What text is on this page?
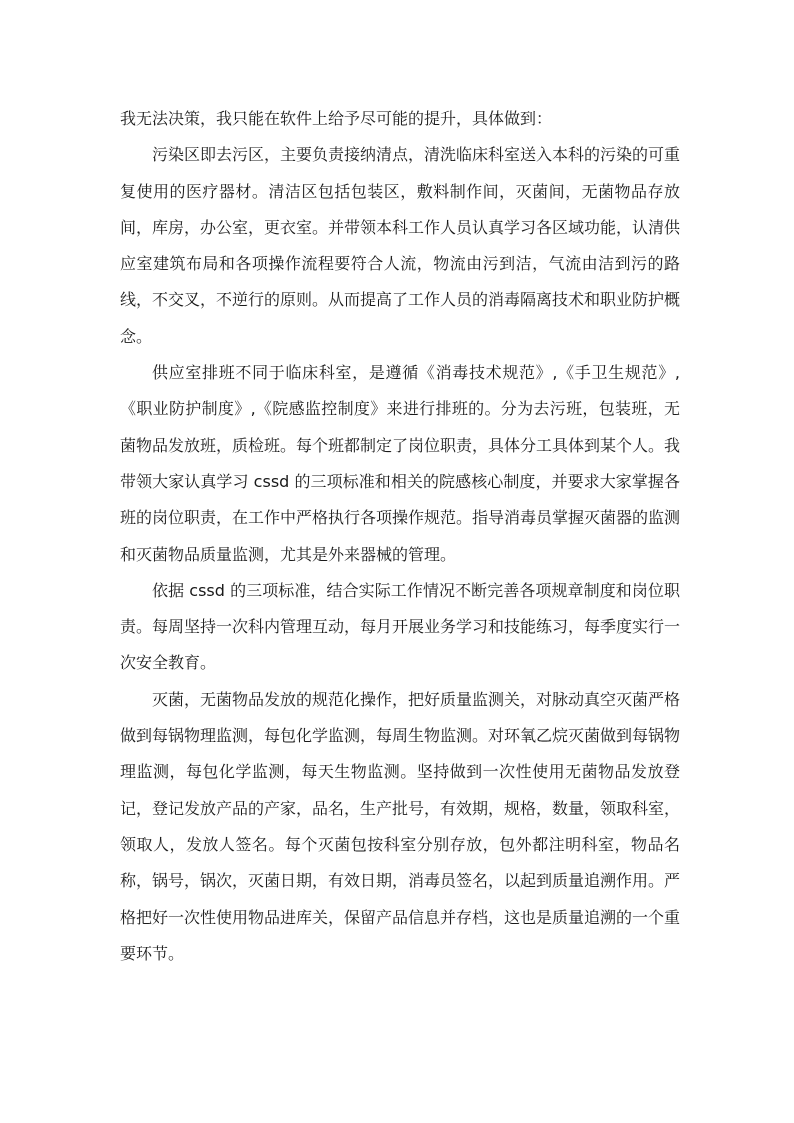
我无法决策，我只能在软件上给予尽可能的提升，具体做到：

污染区即去污区，主要负责接纳清点，清洗临床科室送入本科的污染的可重复使用的医疗器材。清洁区包括包装区，敷料制作间，灭菌间，无菌物品存放间，库房，办公室，更衣室。并带领本科工作人员认真学习各区域功能，认清供应室建筑布局和各项操作流程要符合人流，物流由污到洁，气流由洁到污的路线，不交叉，不逆行的原则。从而提高了工作人员的消毒隔离技术和职业防护概念。

供应室排班不同于临床科室，是遵循《消毒技术规范》,《手卫生规范》,《职业防护制度》,《院感监控制度》来进行排班的。分为去污班，包装班，无菌物品发放班，质检班。每个班都制定了岗位职责，具体分工具体到某个人。我带领大家认真学习 cssd 的三项标准和相关的院感核心制度，并要求大家掌握各班的岗位职责，在工作中严格执行各项操作规范。指导消毒员掌握灭菌器的监测和灭菌物品质量监测，尤其是外来器械的管理。

依据 cssd 的三项标准，结合实际工作情况不断完善各项规章制度和岗位职责。每周坚持一次科内管理互动，每月开展业务学习和技能练习，每季度实行一次安全教育。

灭菌，无菌物品发放的规范化操作，把好质量监测关，对脉动真空灭菌严格做到每锅物理监测，每包化学监测，每周生物监测。对环氧乙烷灭菌做到每锅物理监测，每包化学监测，每天生物监测。坚持做到一次性使用无菌物品发放登记，登记发放产品的产家，品名，生产批号，有效期，规格，数量，领取科室，领取人，发放人签名。每个灭菌包按科室分别存放，包外都注明科室，物品名称，锅号，锅次，灭菌日期，有效日期，消毒员签名，以起到质量追溯作用。严格把好一次性使用物品进库关，保留产品信息并存档，这也是质量追溯的一个重要环节。
